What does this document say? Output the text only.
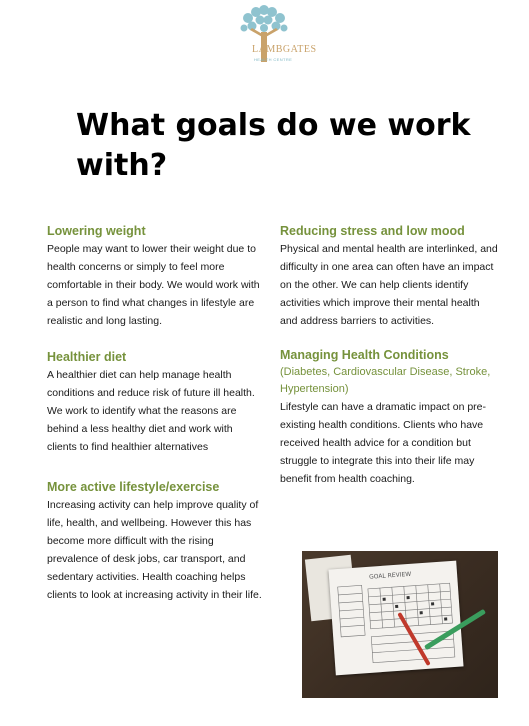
LAMBGATES
HEALTH CENTRE
What goals do we work with?
Lowering weight

People may want to lower their weight due to health concerns or simply to feel more comfortable in their body. We would work with a person to find what changes in lifestyle are realistic and long lasting.

Healthier diet

A healthier diet can help manage health conditions and reduce risk of future ill health. We work to identify what the reasons are behind a less healthy diet and work with clients to find healthier alternatives

More active lifestyle/exercise

Increasing activity can help improve quality of life, health, and wellbeing. However this has become more difficult with the rising prevalence of desk jobs, car transport, and sedentary activities. Health coaching helps clients to look at increasing activity in their life.

Reducing stress and low mood

Physical and mental health are interlinked, and difficulty in one area can often have an impact on the other. We can help clients identify activities which improve their mental health and address barriers to activities.

Managing Health Conditions

(Diabetes, Cardiovascular Disease, Stroke, Hypertension)

Lifestyle can have a dramatic impact on pre-existing health conditions. Clients who have received health advice for a condition but struggle to integrate this into their life may benefit from health coaching.

GOAL REVIEW
